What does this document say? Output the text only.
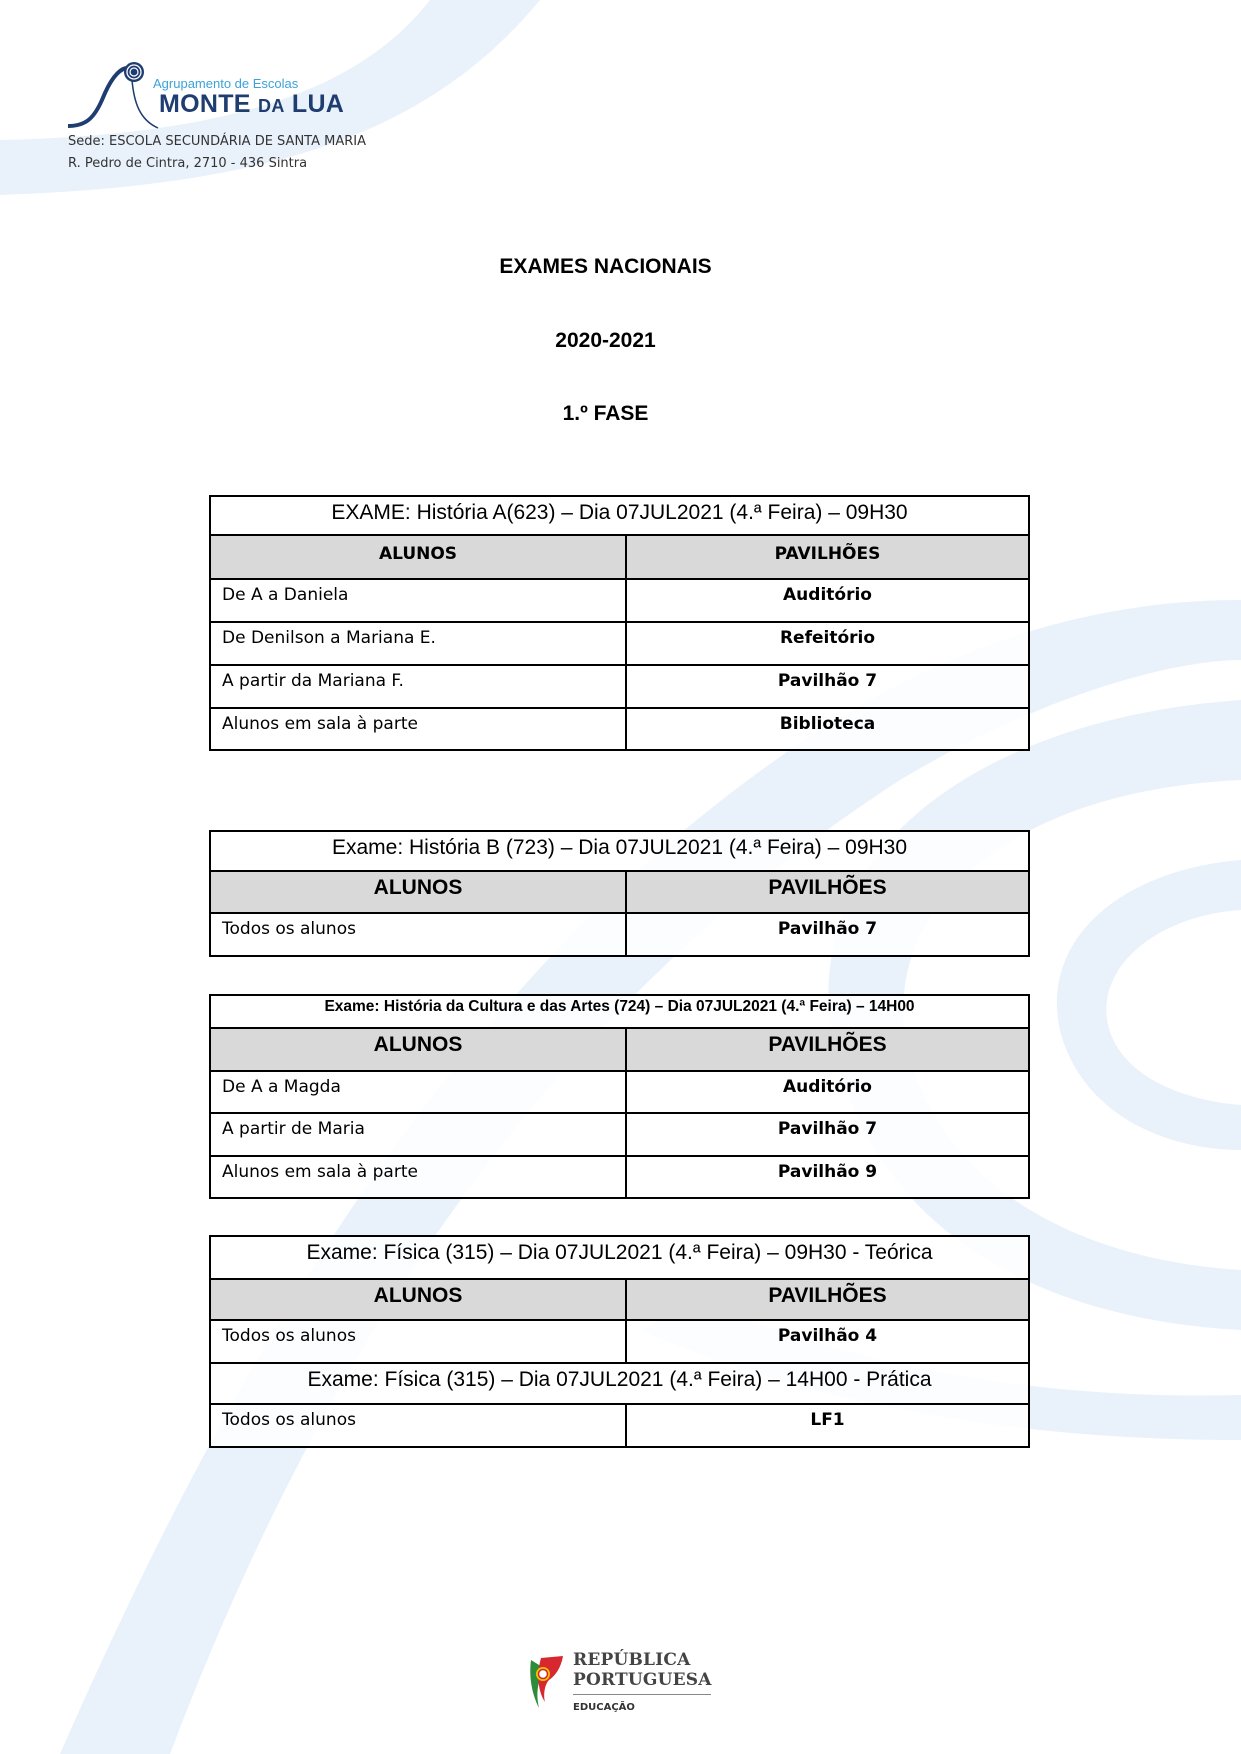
Agrupamento de Escolas
MONTE DA LUA
Sede: ESCOLA SECUNDÁRIA DE SANTA MARIA
R. Pedro de Cintra, 2710 - 436 Sintra
EXAMES NACIONAIS
2020-2021
1.º FASE
EXAME: História A(623) – Dia 07JUL2021 (4.ª Feira) – 09H30	
ALUNOS	PAVILHÕES
De A a Daniela	Auditório
De Denilson a Mariana E.	Refeitório
A partir da Mariana F.	Pavilhão 7
Alunos em sala à parte	Biblioteca
Exame: História B (723) – Dia 07JUL2021 (4.ª Feira) – 09H30	
ALUNOS	PAVILHÕES
Todos os alunos	Pavilhão 7
Exame: História da Cultura e das Artes (724) – Dia 07JUL2021 (4.ª Feira) – 14H00	
ALUNOS	PAVILHÕES
De A a Magda	Auditório
A partir de Maria	Pavilhão 7
Alunos em sala à parte	Pavilhão 9
Exame: Física (315) – Dia 07JUL2021 (4.ª Feira) – 09H30 - Teórica	
ALUNOS	PAVILHÕES
Todos os alunos	Pavilhão 4
Exame: Física (315) – Dia 07JUL2021 (4.ª Feira) – 14H00 - Prática	
Todos os alunos	LF1
REPÚBLICA
PORTUGUESA
EDUCAÇÃO
